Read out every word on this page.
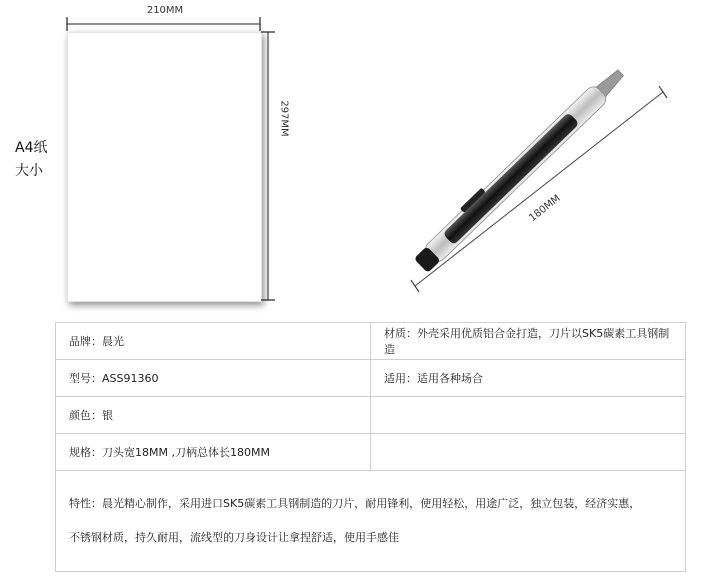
210MM
297MM
A4纸
大小
180MM
品牌：晨光	材质：外壳采用优质铝合金打造，刀片以SK5碳素工具钢制造
型号：ASS91360	适用：适用各种场合
颜色：银	
规格：刀头宽18MM ,刀柄总体长180MM	

特性：晨光精心制作，采用进口SK5碳素工具钢制造的刀片，耐用锋利，使用轻松，用途广泛，独立包装，经济实惠，
不锈钢材质，持久耐用，流线型的刀身设计让拿捏舒适，使用手感佳	
